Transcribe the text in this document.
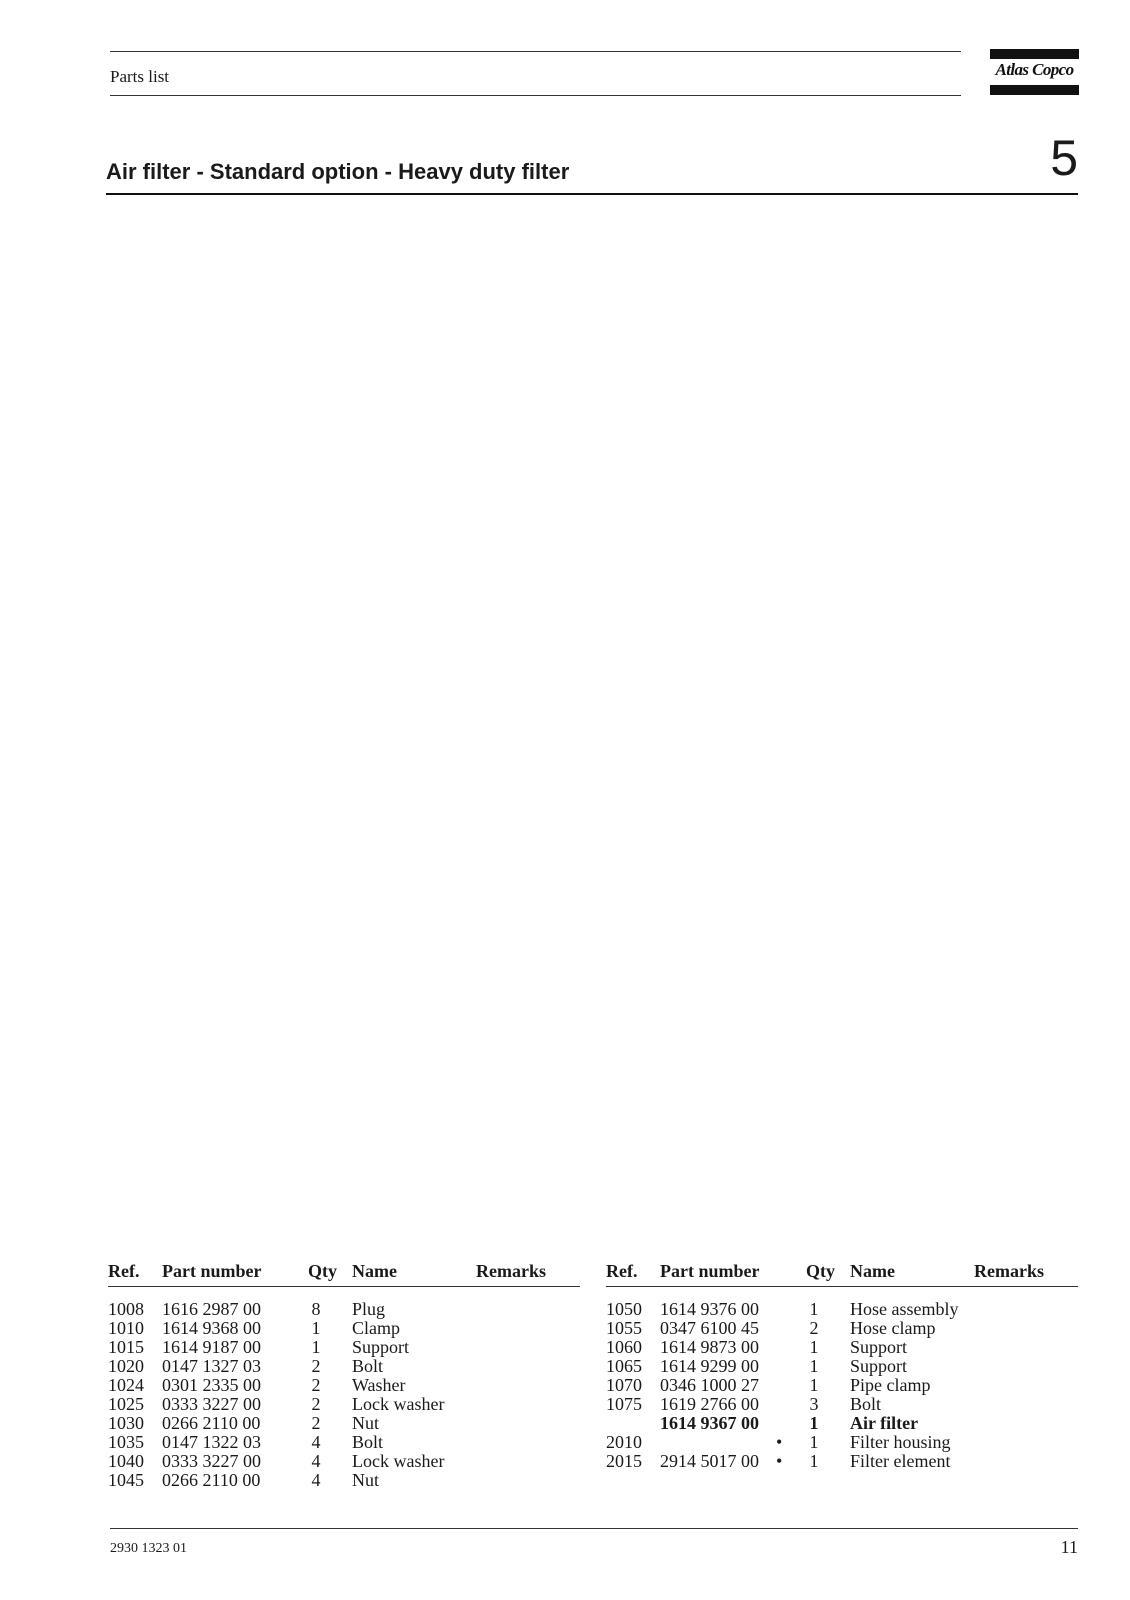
Parts list	Atlas Copco
Air filter - Standard option - Heavy duty filter	5
Ref. Part number	Qty Name	Remarks
1008 1616 2987 00	8 Plug
1010 1614 9368 00	1 Clamp
1015 1614 9187 00	1 Support
1020 0147 1327 03	2 Bolt
1024 0301 2335 00	2 Washer
1025 0333 3227 00	2 Lock washer
1030 0266 2110 00	2 Nut
1035 0147 1322 03	4 Bolt
1040 0333 3227 00	4 Lock washer
1045 0266 2110 00	4 Nut
Ref. Part number	Qty Name	Remarks
1050 1614 9376 00	1 Hose assembly
1055 0347 6100 45	2 Hose clamp
1060 1614 9873 00	1 Support
1065 1614 9299 00	1 Support
1070 0346 1000 27	1 Pipe clamp
1075 1619 2766 00	3 Bolt
1614 9367 00	1 Air filter
2010	• 1 Filter housing
2015 2914 5017 00 • 1 Filter element
2930 1323 01	11
